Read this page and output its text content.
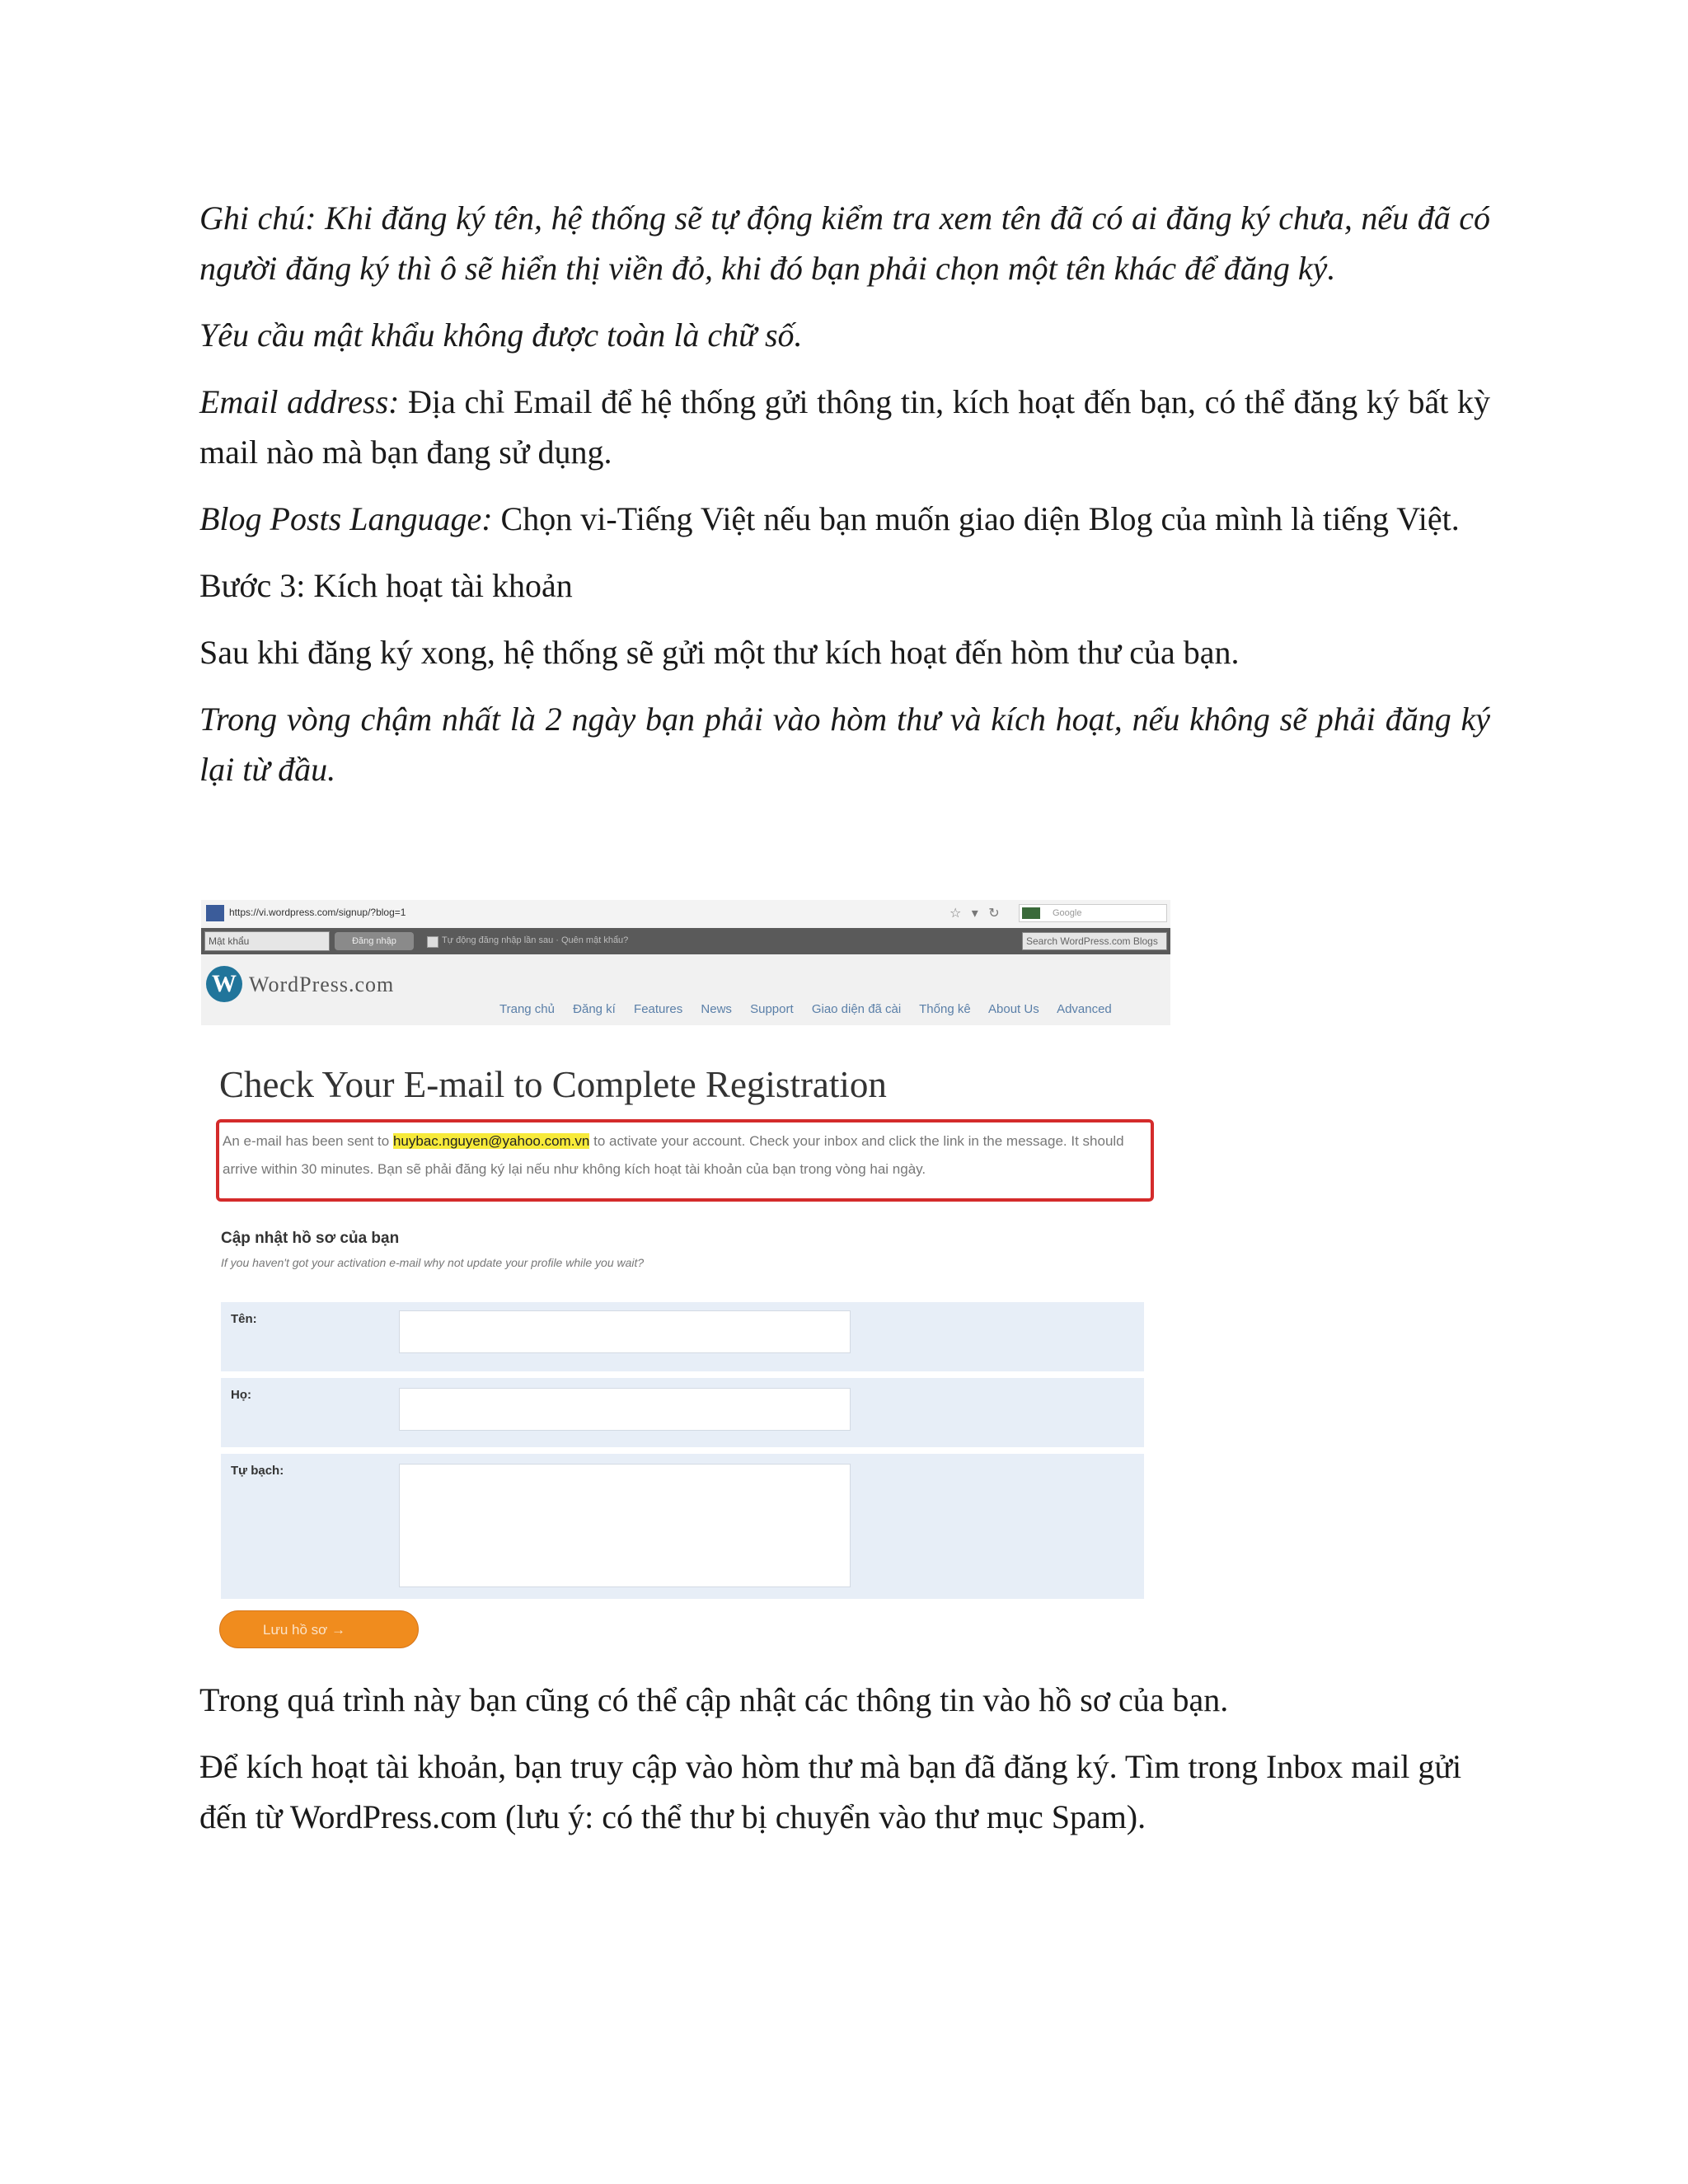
Ghi chú: Khi đăng ký tên, hệ thống sẽ tự động kiểm tra xem tên đã có ai đăng ký chưa, nếu đã có người đăng ký thì ô sẽ hiển thị viền đỏ, khi đó bạn phải chọn một tên khác để đăng ký.

Yêu cầu mật khẩu không được toàn là chữ số.

Email address: Địa chỉ Email để hệ thống gửi thông tin, kích hoạt đến bạn, có thể đăng ký bất kỳ mail nào mà bạn đang sử dụng.

Blog Posts Language: Chọn vi-Tiếng Việt nếu bạn muốn giao diện Blog của mình là tiếng Việt.

Bước 3: Kích hoạt tài khoản

Sau khi đăng ký xong, hệ thống sẽ gửi một thư kích hoạt đến hòm thư của bạn.

Trong vòng chậm nhất là 2 ngày bạn phải vào hòm thư và kích hoạt, nếu không sẽ phải đăng ký lại từ đầu.

https://vi.wordpress.com/signup/?blog=1	☆ ▾ ↻	Google
Mật khẩu	Đăng nhập	Tự động đăng nhập lần sau · Quên mật khẩu?	Search WordPress.com Blogs
W WordPress.com
Trang chủ Đăng kí Features News Support Giao diện đã cài Thống kê About Us Advanced
Check Your E-mail to Complete Registration
An e-mail has been sent to huybac.nguyen@yahoo.com.vn to activate your account. Check your inbox and click the link in the message. It should arrive within 30 minutes. Bạn sẽ phải đăng ký lại nếu như không kích hoạt tài khoản của bạn trong vòng hai ngày.
Cập nhật hồ sơ của bạn
If you haven't got your activation e-mail why not update your profile while you wait?
Tên:
Họ:
Tự bạch:
Lưu hồ sơ →

Trong quá trình này bạn cũng có thể cập nhật các thông tin vào hồ sơ của bạn.

Để kích hoạt tài khoản, bạn truy cập vào hòm thư mà bạn đã đăng ký. Tìm trong Inbox mail gửi đến từ WordPress.com (lưu ý: có thể thư bị chuyển vào thư mục Spam).
